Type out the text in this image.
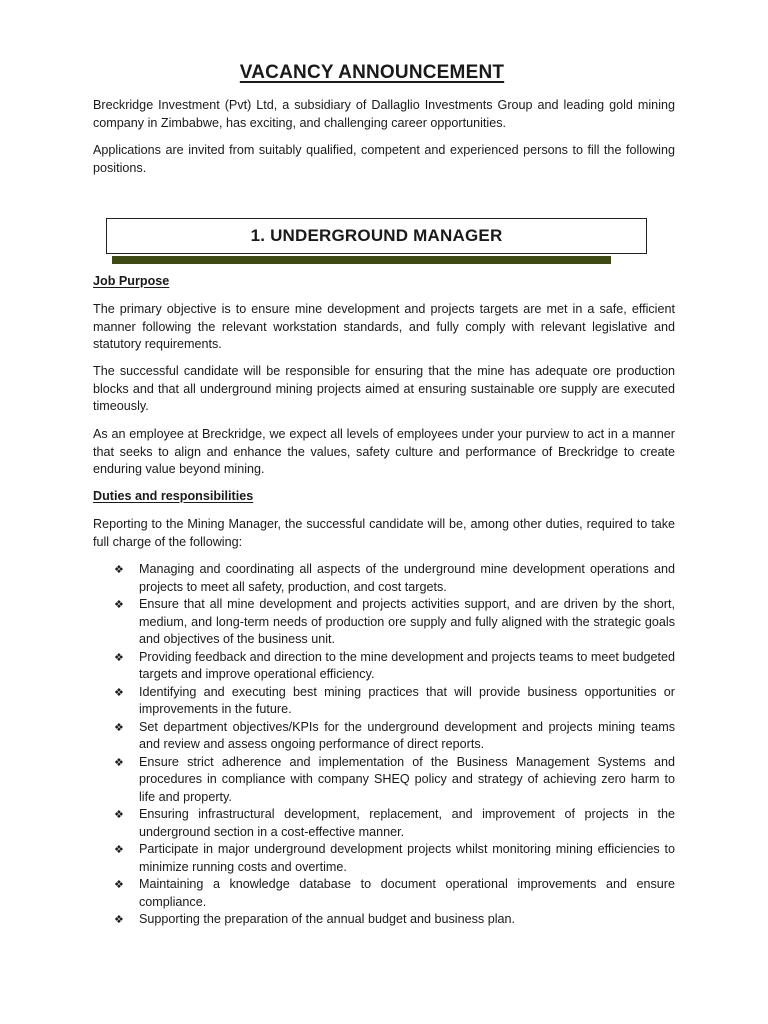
VACANCY ANNOUNCEMENT

Breckridge Investment (Pvt) Ltd, a subsidiary of Dallaglio Investments Group and leading gold mining company in Zimbabwe, has exciting, and challenging career opportunities.

Applications are invited from suitably qualified, competent and experienced persons to fill the following positions.

1. UNDERGROUND MANAGER

Job Purpose

The primary objective is to ensure mine development and projects targets are met in a safe, efficient manner following the relevant workstation standards, and fully comply with relevant legislative and statutory requirements.

The successful candidate will be responsible for ensuring that the mine has adequate ore production blocks and that all underground mining projects aimed at ensuring sustainable ore supply are executed timeously.

As an employee at Breckridge, we expect all levels of employees under your purview to act in a manner that seeks to align and enhance the values, safety culture and performance of Breckridge to create enduring value beyond mining.

Duties and responsibilities

Reporting to the Mining Manager, the successful candidate will be, among other duties, required to take full charge of the following:

❖ Managing and coordinating all aspects of the underground mine development operations and projects to meet all safety, production, and cost targets.
❖ Ensure that all mine development and projects activities support, and are driven by the short, medium, and long-term needs of production ore supply and fully aligned with the strategic goals and objectives of the business unit.
❖ Providing feedback and direction to the mine development and projects teams to meet budgeted targets and improve operational efficiency.
❖ Identifying and executing best mining practices that will provide business opportunities or improvements in the future.
❖ Set department objectives/KPIs for the underground development and projects mining teams and review and assess ongoing performance of direct reports.
❖ Ensure strict adherence and implementation of the Business Management Systems and procedures in compliance with company SHEQ policy and strategy of achieving zero harm to life and property.
❖ Ensuring infrastructural development, replacement, and improvement of projects in the underground section in a cost-effective manner.
❖ Participate in major underground development projects whilst monitoring mining efficiencies to minimize running costs and overtime.
❖ Maintaining a knowledge database to document operational improvements and ensure compliance.
❖ Supporting the preparation of the annual budget and business plan.
